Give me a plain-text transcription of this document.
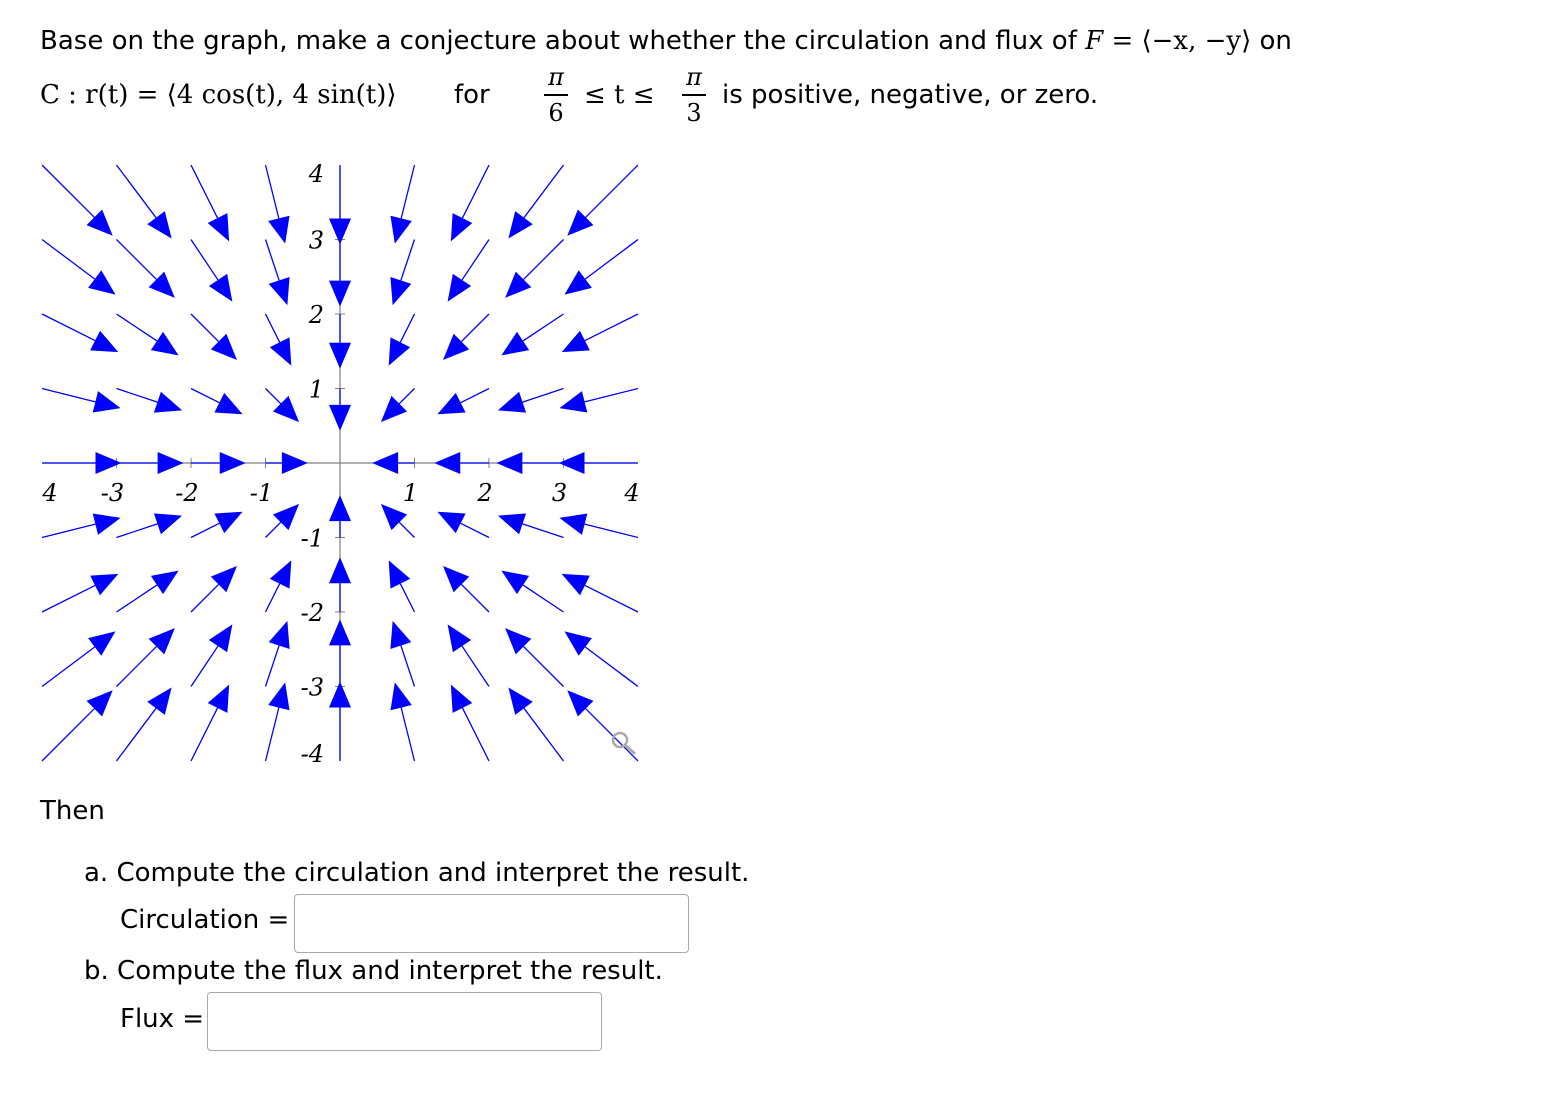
Base on the graph, make a conjecture about whether the circulation and flux of F = ⟨−x, −y⟩ on
C : r(t) = ⟨4 cos(t), 4 sin(t)⟩ for
π
6
≤ t ≤
π
3
is positive, negative, or zero.
4 -3 -2 -1	1 2 3 4
4
3
2
1
-1
-2
-3
-4
Then
a. Compute the circulation and interpret the result.
Circulation =
b. Compute the flux and interpret the result.
Flux =
